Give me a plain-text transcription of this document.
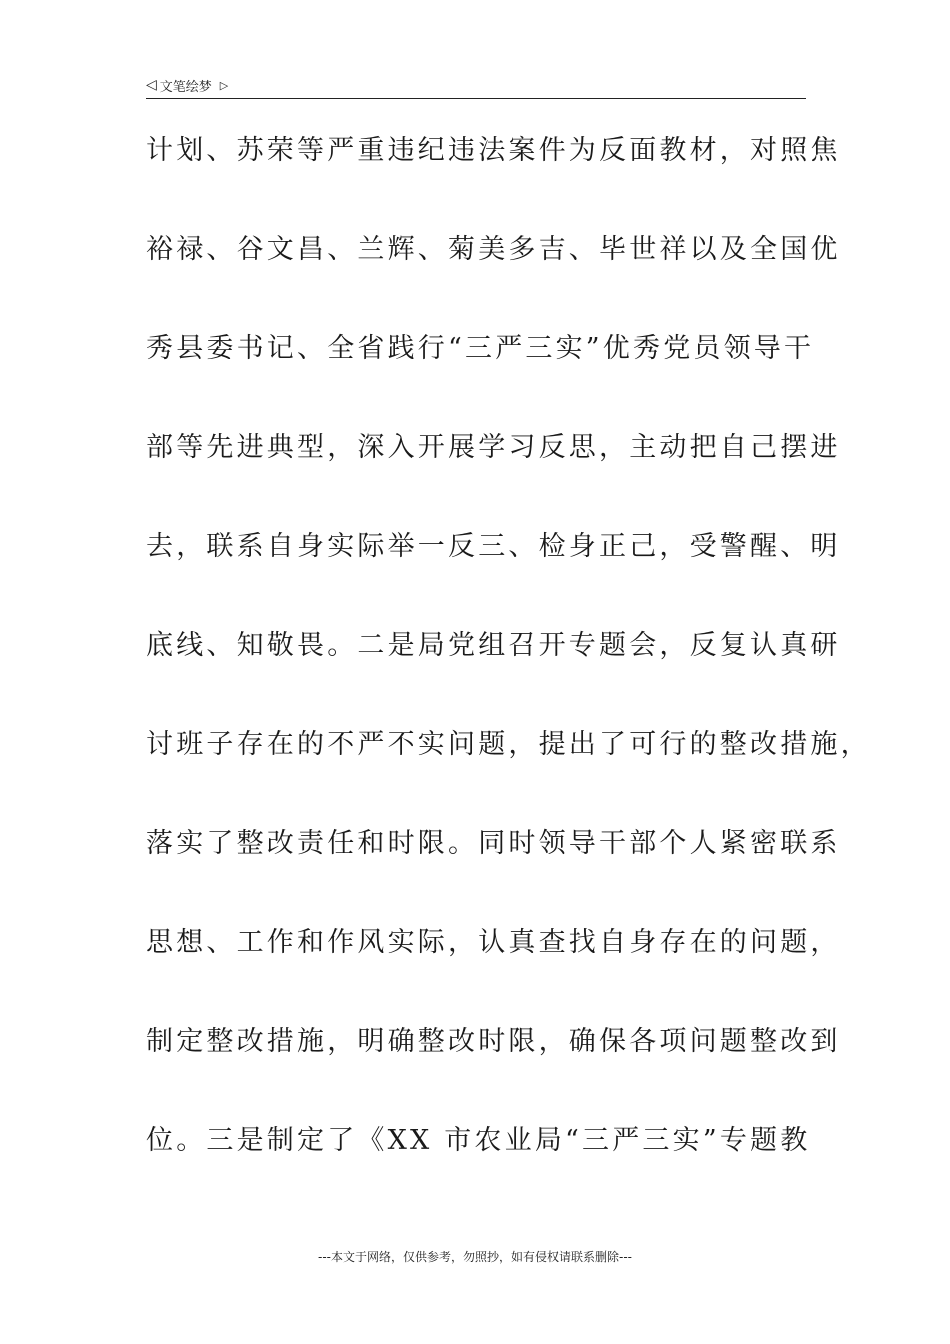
◁ 文笔绘梦 ▷
计划、苏荣等严重违纪违法案件为反面教材，对照焦
裕禄、谷文昌、兰辉、菊美多吉、毕世祥以及全国优
秀县委书记、全省践行“三严三实”优秀党员领导干
部等先进典型，深入开展学习反思，主动把自己摆进
去，联系自身实际举一反三、检身正己，受警醒、明
底线、知敬畏。二是局党组召开专题会，反复认真研
讨班子存在的不严不实问题，提出了可行的整改措施，
落实了整改责任和时限。同时领导干部个人紧密联系
思想、工作和作风实际，认真查找自身存在的问题，
制定整改措施，明确整改时限，确保各项问题整改到
位。三是制定了《XX 市农业局“三严三实”专题教
---本文于网络，仅供参考，勿照抄，如有侵权请联系删除---
